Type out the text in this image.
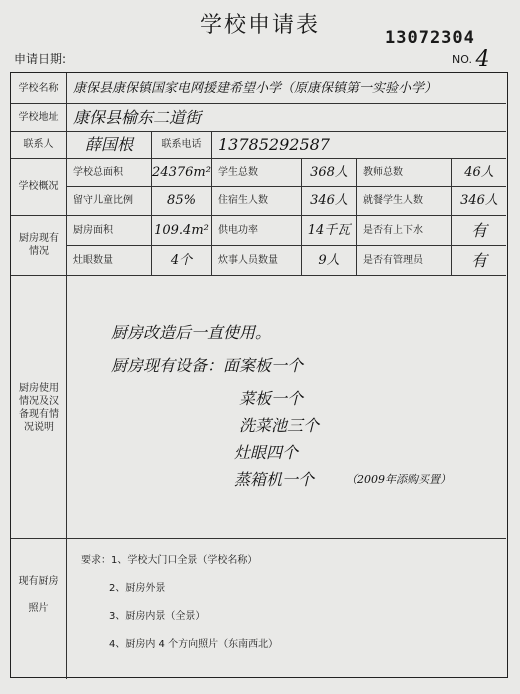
学校申请表	13072304
NO. 4
申请日期:
学校名称	康保县康保镇国家电网援建希望小学（原康保镇第一实验小学）
学校地址 康保县榆东二道街
联系人	薛国根	联系电话	13785292587
学校概况
学校总面积	24376m² 学生总数	368人	教师总数	46人
留守儿童比例	85%	住宿生人数	346人	就餐学生人数	346人
厨房现有情况
厨房面积	109.4m² 供电功率	14千瓦	是否有上下水	有
灶眼数量	4个	炊事人员数量	9人	是否有管理员	有
厨房使用情况及汉备现有情况说明
厨房改造后一直使用。
厨房现有设备：面案板一个
菜板一个
洗菜池三个
灶眼四个
蒸箱机一个	（2009年添购买置）
现有厨房
照片
要求：1、学校大门口全景（学校名称）
2、厨房外景
3、厨房内景（全景）
4、厨房内 4 个方向照片（东南西北）
